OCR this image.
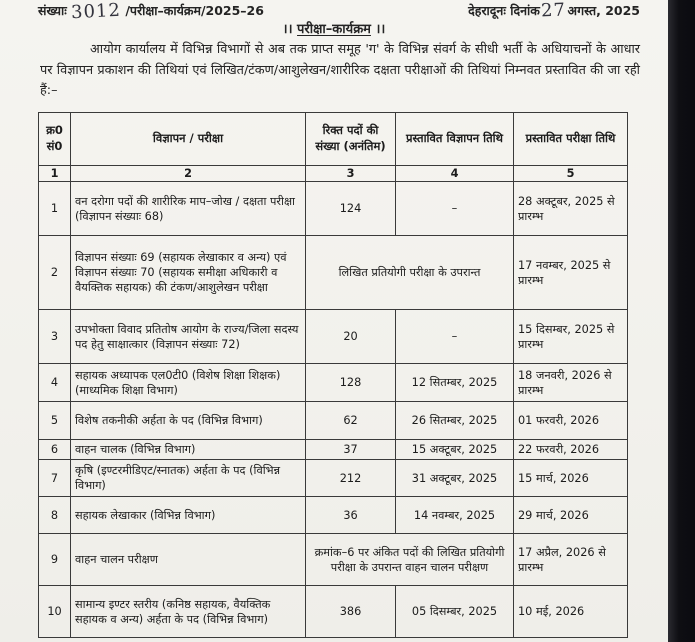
संख्याः 3012 /परीक्षा–कार्यक्रम/2025–26	देहरादूनः दिनांक 27 अगस्त, 2025
।। परीक्षा–कार्यक्रम ।।
आयोग कार्यालय में विभिन्न विभागों से अब तक प्राप्त समूह 'ग' के विभिन्न संवर्ग के सीधी भर्ती के अधियाचनों के आधार पर विज्ञापन प्रकाशन की तिथियां एवं लिखित/टंकण/आशुलेखन/शारीरिक दक्षता परीक्षाओं की तिथियां निम्नवत प्रस्तावित की जा रही हैं:–
क्र0 सं0	विज्ञापन / परीक्षा	रिक्त पदों की संख्या (अनंतिम)	प्रस्तावित विज्ञापन तिथि	प्रस्तावित परीक्षा तिथि
1	2	3	4	5
1	वन दरोगा पदों की शारीरिक माप–जोख / दक्षता परीक्षा (विज्ञापन संख्याः 68)	124	–	28 अक्टूबर, 2025 से प्रारम्भ
2	विज्ञापन संख्याः 69 (सहायक लेखाकार व अन्य) एवं विज्ञापन संख्याः 70 (सहायक समीक्षा अधिकारी व वैयक्तिक सहायक) की टंकण/आशुलेखन परीक्षा	लिखित प्रतियोगी परीक्षा के उपरान्त		17 नवम्बर, 2025 से प्रारम्भ
3	उपभोक्ता विवाद प्रतितोष आयोग के राज्य/जिला सदस्य पद हेतु साक्षात्कार (विज्ञापन संख्याः 72)	20	–	15 दिसम्बर, 2025 से प्रारम्भ
4	सहायक अध्यापक एल0टी0 (विशेष शिक्षा शिक्षक) (माध्यमिक शिक्षा विभाग)	128	12 सितम्बर, 2025	18 जनवरी, 2026 से प्रारम्भ
5	विशेष तकनीकी अर्हता के पद (विभिन्न विभाग)	62	26 सितम्बर, 2025	01 फरवरी, 2026
6	वाहन चालक (विभिन्न विभाग)	37	15 अक्टूबर, 2025	22 फरवरी, 2026
7	कृषि (इण्टरमीडिएट/स्नातक) अर्हता के पद (विभिन्न विभाग)	212	31 अक्टूबर, 2025	15 मार्च, 2026
8	सहायक लेखाकार (विभिन्न विभाग)	36	14 नवम्बर, 2025	29 मार्च, 2026
9	वाहन चालन परीक्षण	क्रमांक–6 पर अंकित पदों की लिखित प्रतियोगी परीक्षा के उपरान्त वाहन चालन परीक्षण		17 अप्रैल, 2026 से प्रारम्भ
10	सामान्य इण्टर स्तरीय (कनिष्ठ सहायक, वैयक्तिक सहायक व अन्य) अर्हता के पद (विभिन्न विभाग)	386	05 दिसम्बर, 2025	10 मई, 2026
